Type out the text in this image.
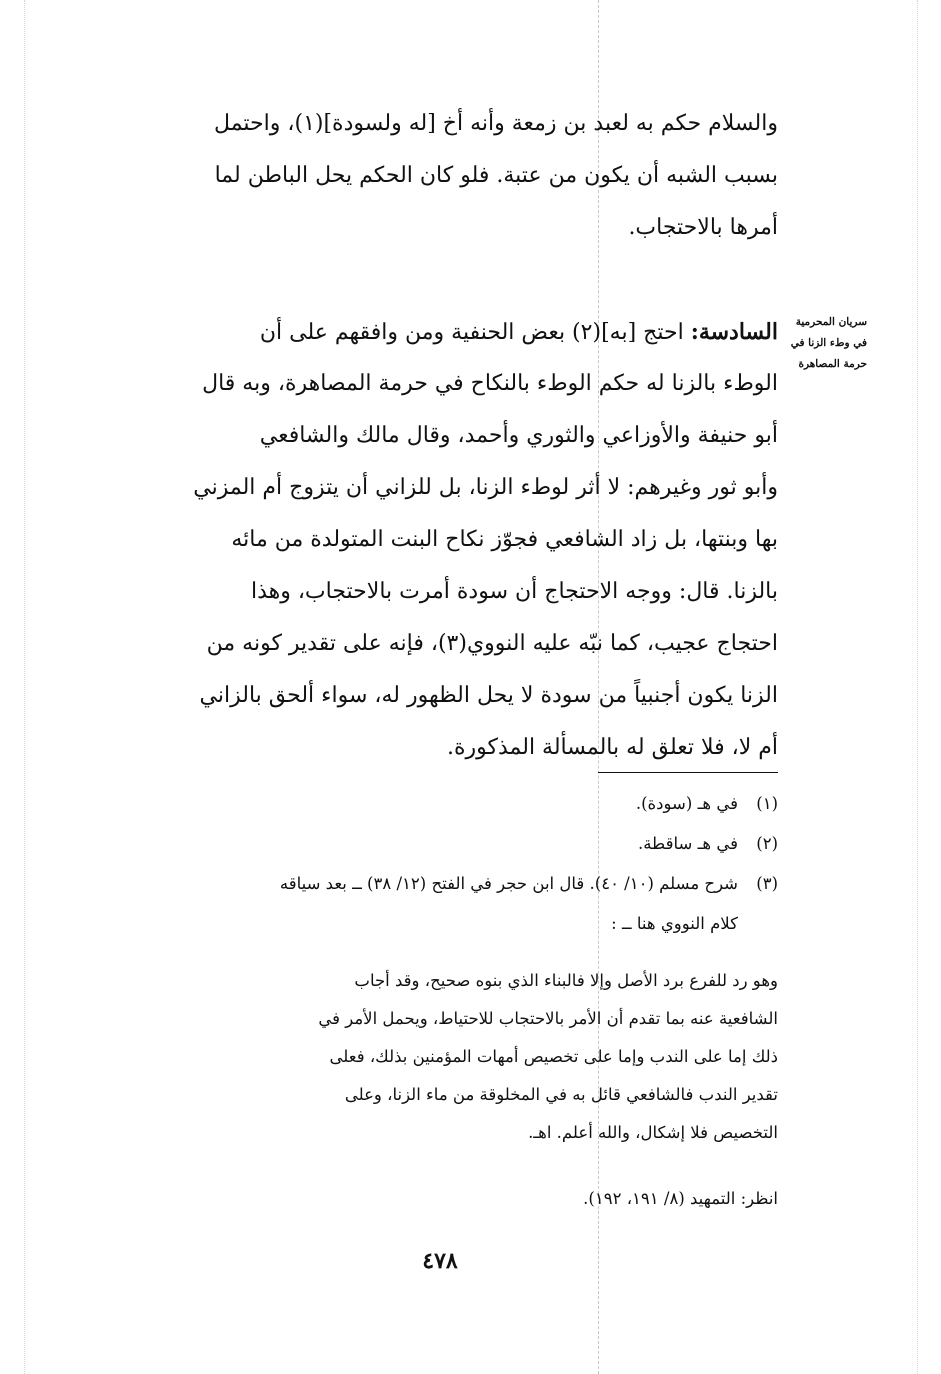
والسلام حكم به لعبد بن زمعة وأنه أخ [له ولسودة](١)، واحتمل

بسبب الشبه أن يكون من عتبة. فلو كان الحكم يحل الباطن لما

أمرها بالاحتجاب.

سريان المحرمية
في وطء الزنا في
حرمة المصاهرة

السادسة: احتج [به](٢) بعض الحنفية ومن وافقهم على أن

الوطء بالزنا له حكم الوطء بالنكاح في حرمة المصاهرة، وبه قال

أبو حنيفة والأوزاعي والثوري وأحمد، وقال مالك والشافعي

وأبو ثور وغيرهم: لا أثر لوطء الزنا، بل للزاني أن يتزوج أم المزني

بها وبنتها، بل زاد الشافعي فجوّز نكاح البنت المتولدة من مائه

بالزنا. قال: ووجه الاحتجاج أن سودة أمرت بالاحتجاب، وهذا

احتجاج عجيب، كما نبّه عليه النووي(٣)، فإنه على تقدير كونه من

الزنا يكون أجنبياً من سودة لا يحل الظهور له، سواء ألحق بالزاني

أم لا، فلا تعلق له بالمسألة المذكورة.

(١)في هـ (سودة).

(٢)في هـ ساقطة.

(٣)شرح مسلم (١٠/ ٤٠). قال ابن حجر في الفتح (١٢/ ٣٨) ــ بعد سياقه

كلام النووي هنا ــ :

وهو رد للفرع برد الأصل وإلا فالبناء الذي بنوه صحيح، وقد أجاب

الشافعية عنه بما تقدم أن الأمر بالاحتجاب للاحتياط، ويحمل الأمر في

ذلك إما على الندب وإما على تخصيص أمهات المؤمنين بذلك، فعلى

تقدير الندب فالشافعي قائل به في المخلوقة من ماء الزنا، وعلى

التخصيص فلا إشكال، والله أعلم. اهـ.

انظر: التمهيد (٨/ ١٩١، ١٩٢).

٤٧٨
